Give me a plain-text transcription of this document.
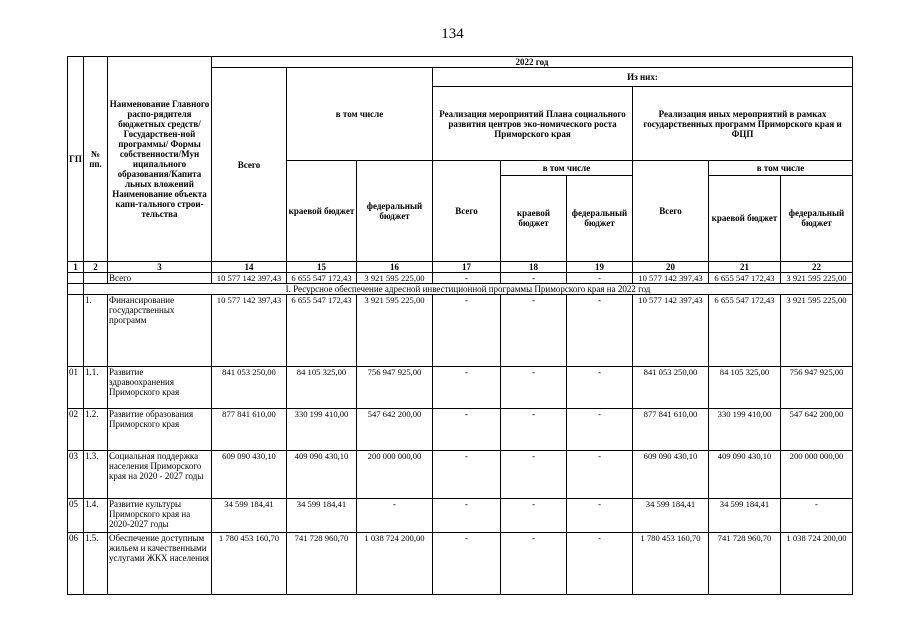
134
ГП	№ пп.	Наименование Главного распо-рядителя бюджетных средств/ Государствен-ной программы/ Формы собственности/Мун иципального образования/Капита льных вложений Наименование объекта капи-тального строи-тельства	2022 год
Всего	в том числе	Из них:
Реализация мероприятий Плана социального развития центров эко-номического роста Приморского края	Реализация иных мероприятий в рамках государственных программ Приморского края и ФЦП
краевой бюджет	федеральный бюджет	Всего	
в том числе
краевой бюджет	федеральный бюджет
	Всего	
в том числе
краевой бюджет	федеральный бюджет

1	2	3	14	15	16	17	18	19	20	21	22
		Всего	10 577 142 397,43	6 655 547 172,43	3 921 595 225,00	-	-	-	10 577 142 397,43	6 655 547 172,43	3 921 595 225,00
	I. Ресурсное обеспечение адресной инвестиционной программы Приморского края на 2022 год
	1.	Финансирование государственных программ	10 577 142 397,43	6 655 547 172,43	3 921 595 225,00	-	-	-	10 577 142 397,43	6 655 547 172,43	3 921 595 225,00
01	1.1.	Развитие здравоохранения Приморского края	841 053 250,00	84 105 325,00	756 947 925,00	-	-	-	841 053 250,00	84 105 325,00	756 947 925,00
02	1.2.	Развитие образования Приморского края	877 841 610,00	330 199 410,00	547 642 200,00	-	-	-	877 841 610,00	330 199 410,00	547 642 200,00
03	1.3.	Социальная поддержка населения Приморского края на 2020 - 2027 годы	609 090 430,10	409 090 430,10	200 000 000,00	-	-	-	609 090 430,10	409 090 430,10	200 000 000,00
05	1.4.	Развитие культуры Приморского края на 2020-2027 годы	34 599 184,41	34 599 184,41	-	-	-	-	34 599 184,41	34 599 184,41	-
06	1.5.	Обеспечение доступным жильем и качественными услугами ЖКХ населения	1 780 453 160,70	741 728 960,70	1 038 724 200,00	-	-	-	1 780 453 160,70	741 728 960,70	1 038 724 200,00
